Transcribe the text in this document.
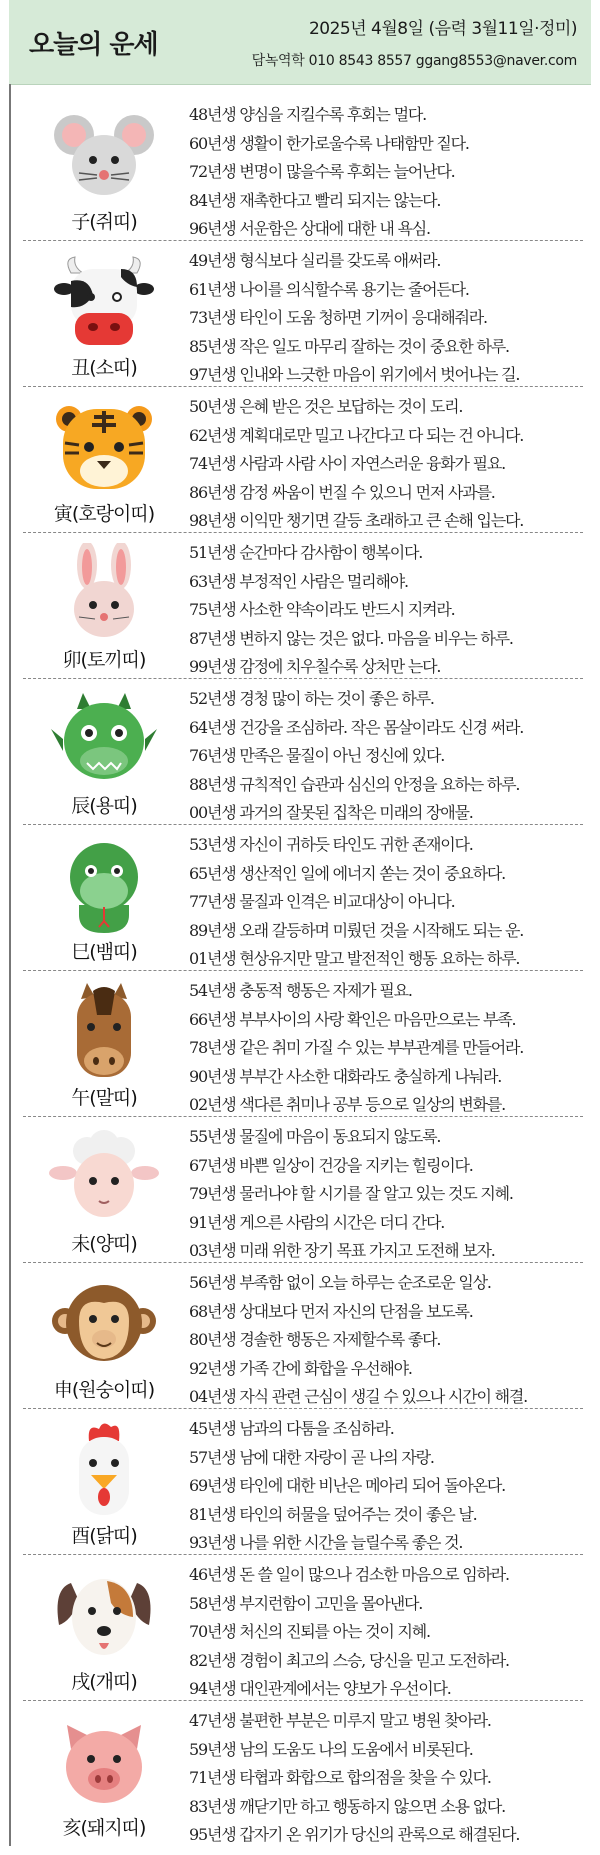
오늘의 운세
2025년 4월8일 (음력 3월11일·정미)
담녹역학 010 8543 8557 ggang8553@naver.com
子(쥐띠)
48년생 양심을 지킬수록 후회는 멀다.
60년생 생활이 한가로울수록 나태함만 짙다.
72년생 변명이 많을수록 후회는 늘어난다.
84년생 재촉한다고 빨리 되지는 않는다.
96년생 서운함은 상대에 대한 내 욕심.
丑(소띠)
49년생 형식보다 실리를 갖도록 애써라.
61년생 나이를 의식할수록 용기는 줄어든다.
73년생 타인이 도움 청하면 기꺼이 응대해줘라.
85년생 작은 일도 마무리 잘하는 것이 중요한 하루.
97년생 인내와 느긋한 마음이 위기에서 벗어나는 길.
寅(호랑이띠)
50년생 은혜 받은 것은 보답하는 것이 도리.
62년생 계획대로만 밀고 나간다고 다 되는 건 아니다.
74년생 사람과 사람 사이 자연스러운 융화가 필요.
86년생 감정 싸움이 번질 수 있으니 먼저 사과를.
98년생 이익만 챙기면 갈등 초래하고 큰 손해 입는다.
卯(토끼띠)
51년생 순간마다 감사함이 행복이다.
63년생 부정적인 사람은 멀리해야.
75년생 사소한 약속이라도 반드시 지켜라.
87년생 변하지 않는 것은 없다. 마음을 비우는 하루.
99년생 감정에 치우칠수록 상처만 는다.
辰(용띠)
52년생 경청 많이 하는 것이 좋은 하루.
64년생 건강을 조심하라. 작은 몸살이라도 신경 써라.
76년생 만족은 물질이 아닌 정신에 있다.
88년생 규칙적인 습관과 심신의 안정을 요하는 하루.
00년생 과거의 잘못된 집착은 미래의 장애물.
巳(뱀띠)
53년생 자신이 귀하듯 타인도 귀한 존재이다.
65년생 생산적인 일에 에너지 쏟는 것이 중요하다.
77년생 물질과 인격은 비교대상이 아니다.
89년생 오래 갈등하며 미뤘던 것을 시작해도 되는 운.
01년생 현상유지만 말고 발전적인 행동 요하는 하루.
午(말띠)
54년생 충동적 행동은 자제가 필요.
66년생 부부사이의 사랑 확인은 마음만으로는 부족.
78년생 같은 취미 가질 수 있는 부부관계를 만들어라.
90년생 부부간 사소한 대화라도 충실하게 나눠라.
02년생 색다른 취미나 공부 등으로 일상의 변화를.
未(양띠)
55년생 물질에 마음이 동요되지 않도록.
67년생 바쁜 일상이 건강을 지키는 힐링이다.
79년생 물러나야 할 시기를 잘 알고 있는 것도 지혜.
91년생 게으른 사람의 시간은 더디 간다.
03년생 미래 위한 장기 목표 가지고 도전해 보자.
申(원숭이띠)
56년생 부족함 없이 오늘 하루는 순조로운 일상.
68년생 상대보다 먼저 자신의 단점을 보도록.
80년생 경솔한 행동은 자제할수록 좋다.
92년생 가족 간에 화합을 우선해야.
04년생 자식 관련 근심이 생길 수 있으나 시간이 해결.
酉(닭띠)
45년생 남과의 다툼을 조심하라.
57년생 남에 대한 자랑이 곧 나의 자랑.
69년생 타인에 대한 비난은 메아리 되어 돌아온다.
81년생 타인의 허물을 덮어주는 것이 좋은 날.
93년생 나를 위한 시간을 늘릴수록 좋은 것.
戌(개띠)
46년생 돈 쓸 일이 많으나 검소한 마음으로 임하라.
58년생 부지런함이 고민을 몰아낸다.
70년생 처신의 진퇴를 아는 것이 지혜.
82년생 경험이 최고의 스승, 당신을 믿고 도전하라.
94년생 대인관계에서는 양보가 우선이다.
亥(돼지띠)
47년생 불편한 부분은 미루지 말고 병원 찾아라.
59년생 남의 도움도 나의 도움에서 비롯된다.
71년생 타협과 화합으로 합의점을 찾을 수 있다.
83년생 깨닫기만 하고 행동하지 않으면 소용 없다.
95년생 갑자기 온 위기가 당신의 관록으로 해결된다.
